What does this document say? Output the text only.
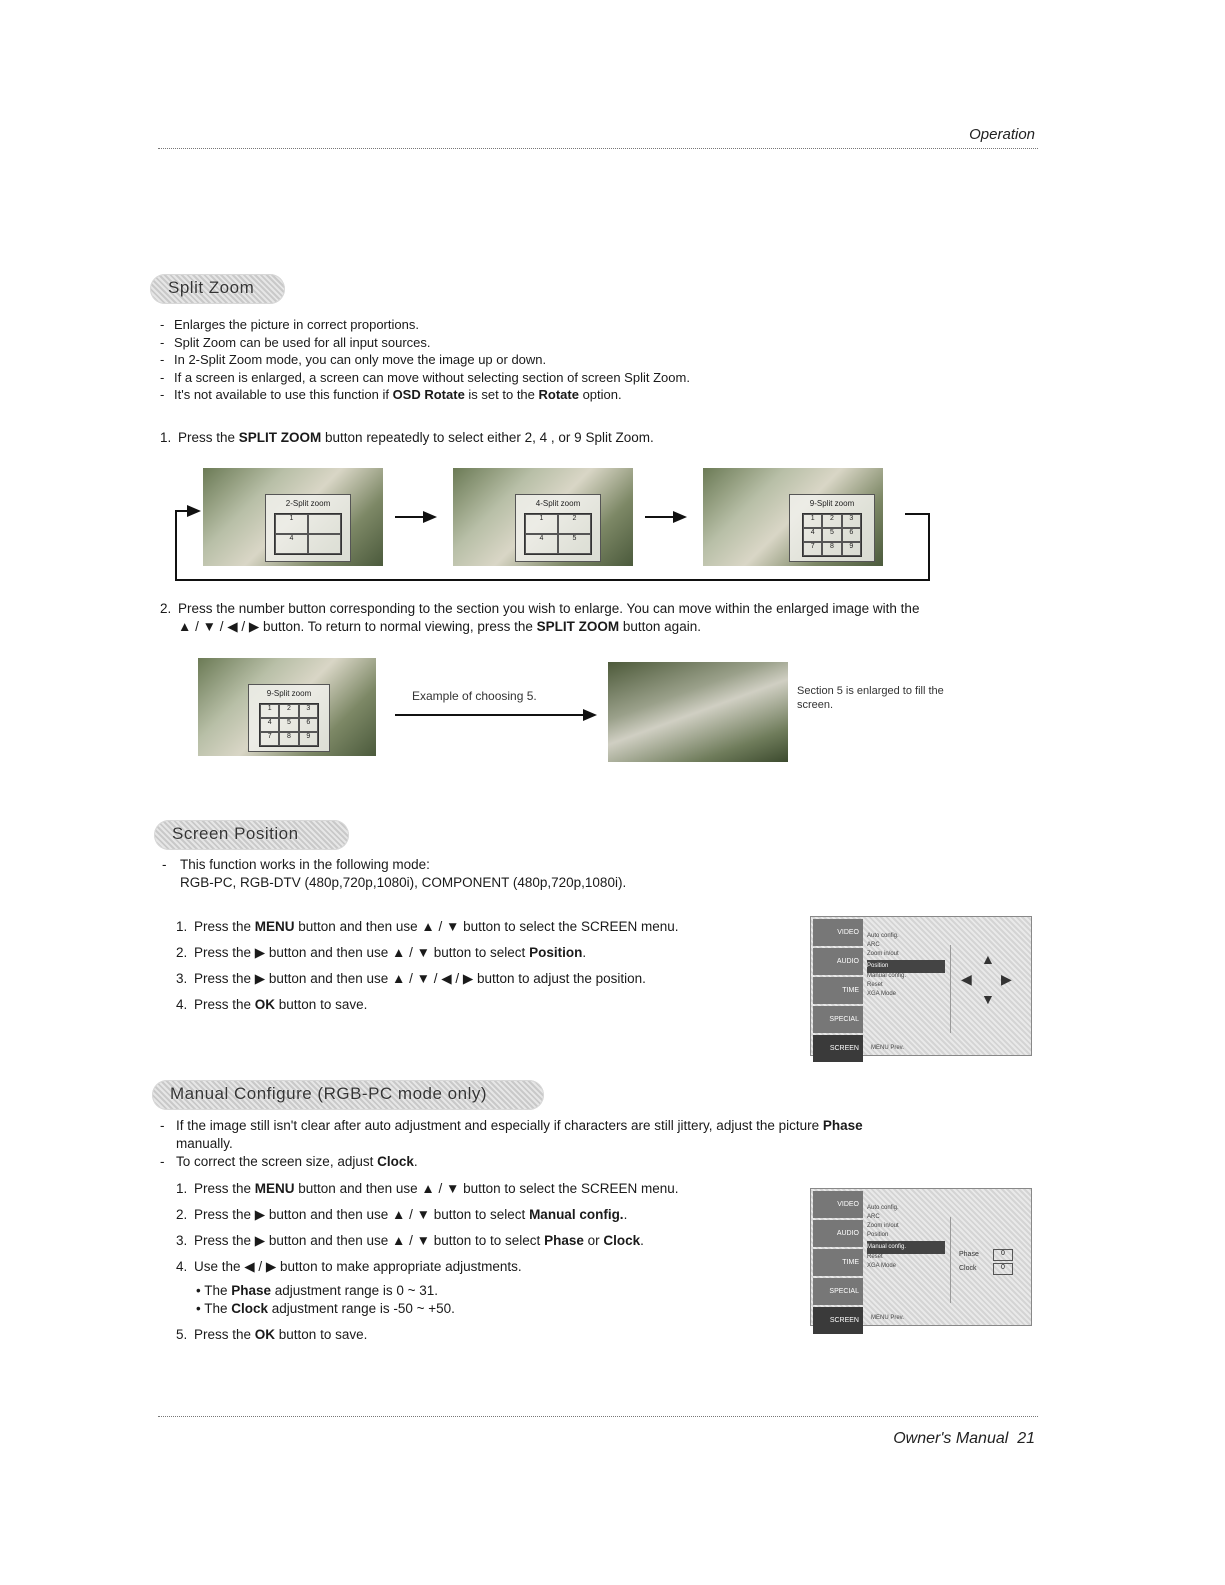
Operation
Split Zoom
- Enlarges the picture in correct proportions.
- Split Zoom can be used for all input sources.
- In 2-Split Zoom mode, you can only move the image up or down.
- If a screen is enlarged, a screen can move without selecting section of screen Split Zoom.
- It's not available to use this function if OSD Rotate is set to the Rotate option.
1. Press the SPLIT ZOOM button repeatedly to select either 2, 4 , or 9 Split Zoom.
2-Split zoom
1
4
4-Split zoom
1	2
4	5
9-Split zoom
1	2	3
4	5	6
7	8	9
2. Press the number button corresponding to the section you wish to enlarge. You can move within the enlarged image with the ▲ / ▼ / ◀ / ▶ button. To return to normal viewing, press the SPLIT ZOOM button again.
9-Split zoom
1	2	3
4	5	6
7	8	9
Example of choosing 5.	Section 5 is enlarged to fill the screen.
Screen Position
-	This function works in the following mode:
RGB-PC, RGB-DTV (480p,720p,1080i), COMPONENT (480p,720p,1080i).
1. Press the MENU button and then use ▲ / ▼ button to select the SCREEN menu.
2. Press the ▶ button and then use ▲ / ▼ button to select Position.
3. Press the ▶ button and then use ▲ / ▼ / ◀ / ▶ button to adjust the position.
4. Press the OK button to save.
VIDEO
AUDIO
TIME
SPECIAL
SCREEN
Auto config.
ARC
Zoom in/out
Position
Manual config.
Reset
XGA Mode
▲
◀ ▶
▼
MENU Prev.
Manual Configure (RGB-PC mode only)
- If the image still isn't clear after auto adjustment and especially if characters are still jittery, adjust the picture Phase manually.
- To correct the screen size, adjust Clock.
1. Press the MENU button and then use ▲ / ▼ button to select the SCREEN menu.
2. Press the ▶ button and then use ▲ / ▼ button to select Manual config..
3. Press the ▶ button and then use ▲ / ▼ button to to select Phase or Clock.
4. Use the ◀ / ▶ button to make appropriate adjustments.
• The Phase adjustment range is 0 ~ 31.
• The Clock adjustment range is -50 ~ +50.
5. Press the OK button to save.
VIDEO
AUDIO
TIME
SPECIAL
SCREEN
Auto config.
ARC
Zoom in/out
Position
Manual config.
Reset
XGA Mode
Phase	0
Clock	0
MENU Prev.
Owner's Manual 21
